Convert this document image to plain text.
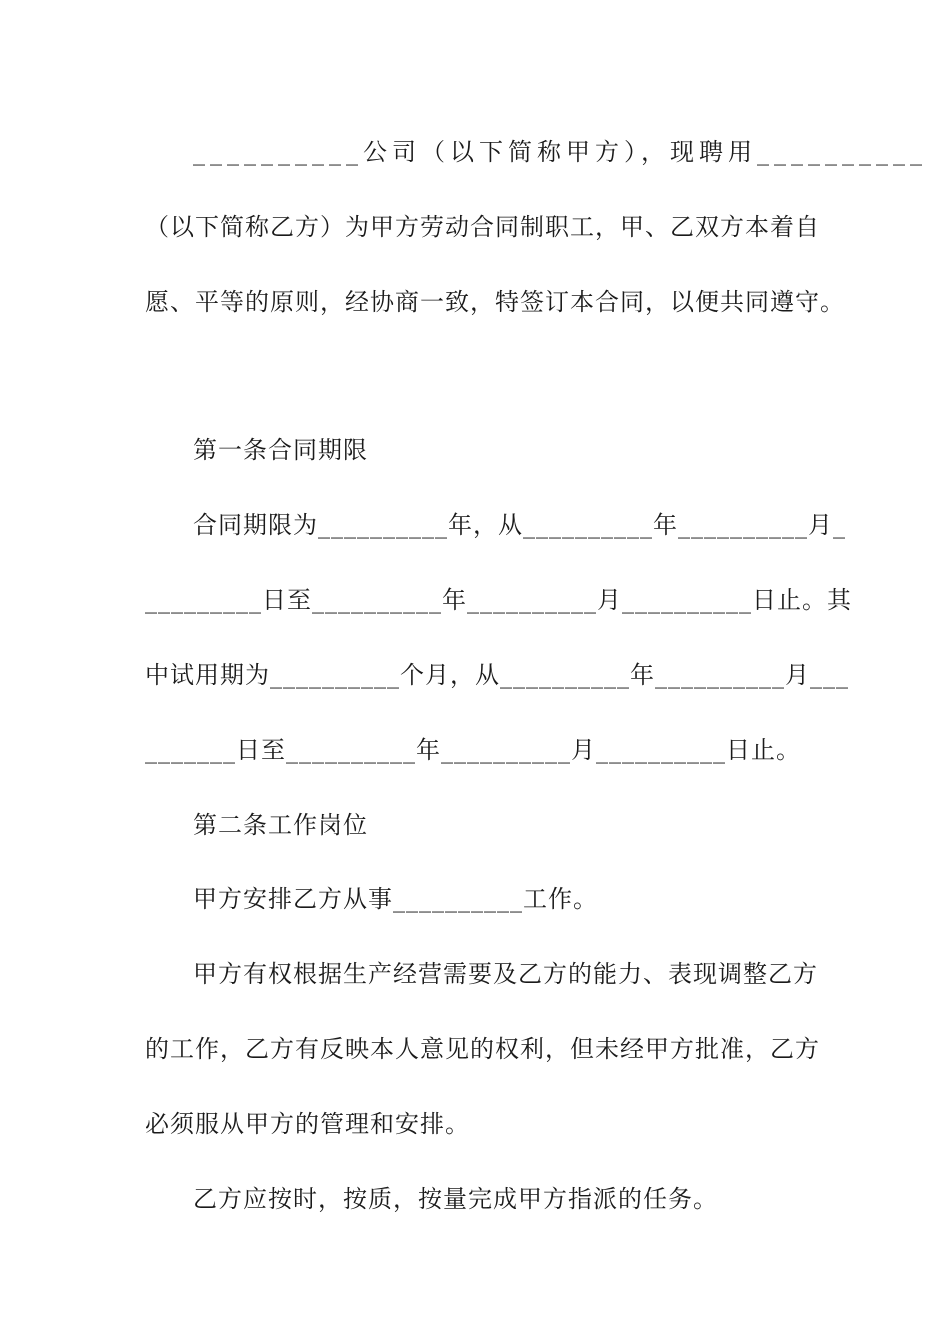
__________公司（以下简称甲方），现聘用__________
（以下简称乙方）为甲方劳动合同制职工，甲、乙双方本着自
愿、平等的原则，经协商一致，特签订本合同，以便共同遵守。
第一条合同期限
合同期限为__________年，从__________年__________月_
_________日至__________年__________月__________日止。其
中试用期为__________个月，从__________年__________月___
_______日至__________年__________月__________日止。
第二条工作岗位
甲方安排乙方从事__________工作。
甲方有权根据生产经营需要及乙方的能力、表现调整乙方
的工作，乙方有反映本人意见的权利，但未经甲方批准，乙方
必须服从甲方的管理和安排。
乙方应按时，按质，按量完成甲方指派的任务。
